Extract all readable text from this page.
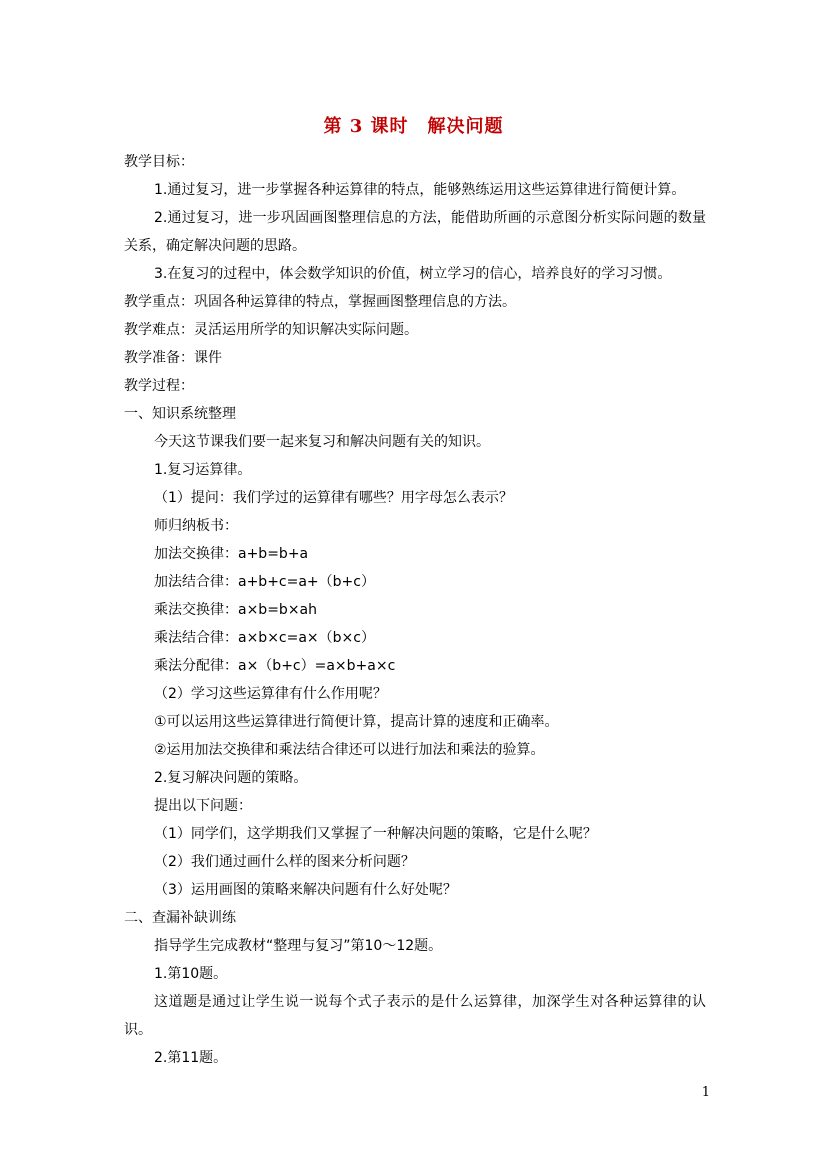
第 3 课时　解决问题
教学目标：
1.通过复习，进一步掌握各种运算律的特点，能够熟练运用这些运算律进行简便计算。
2.通过复习，进一步巩固画图整理信息的方法，能借助所画的示意图分析实际问题的数量关系，确定解决问题的思路。
3.在复习的过程中，体会数学知识的价值，树立学习的信心，培养良好的学习习惯。
教学重点：巩固各种运算律的特点，掌握画图整理信息的方法。
教学难点：灵活运用所学的知识解决实际问题。
教学准备：课件
教学过程：
一、知识系统整理
今天这节课我们要一起来复习和解决问题有关的知识。
1.复习运算律。
（1）提问：我们学过的运算律有哪些？用字母怎么表示？
师归纳板书：
加法交换律：a+b=b+a
加法结合律：a+b+c=a+（b+c）
乘法交换律：a×b=b×ah
乘法结合律：a×b×c=a×（b×c）
乘法分配律：a×（b+c）=a×b+a×c
（2）学习这些运算律有什么作用呢？
①可以运用这些运算律进行简便计算，提高计算的速度和正确率。
②运用加法交换律和乘法结合律还可以进行加法和乘法的验算。
2.复习解决问题的策略。
提出以下问题：
（1）同学们，这学期我们又掌握了一种解决问题的策略，它是什么呢？
（2）我们通过画什么样的图来分析问题？
（3）运用画图的策略来解决问题有什么好处呢？
二、查漏补缺训练
指导学生完成教材“整理与复习”第10～12题。
1.第10题。
这道题是通过让学生说一说每个式子表示的是什么运算律，加深学生对各种运算律的认识。
2.第11题。
1
